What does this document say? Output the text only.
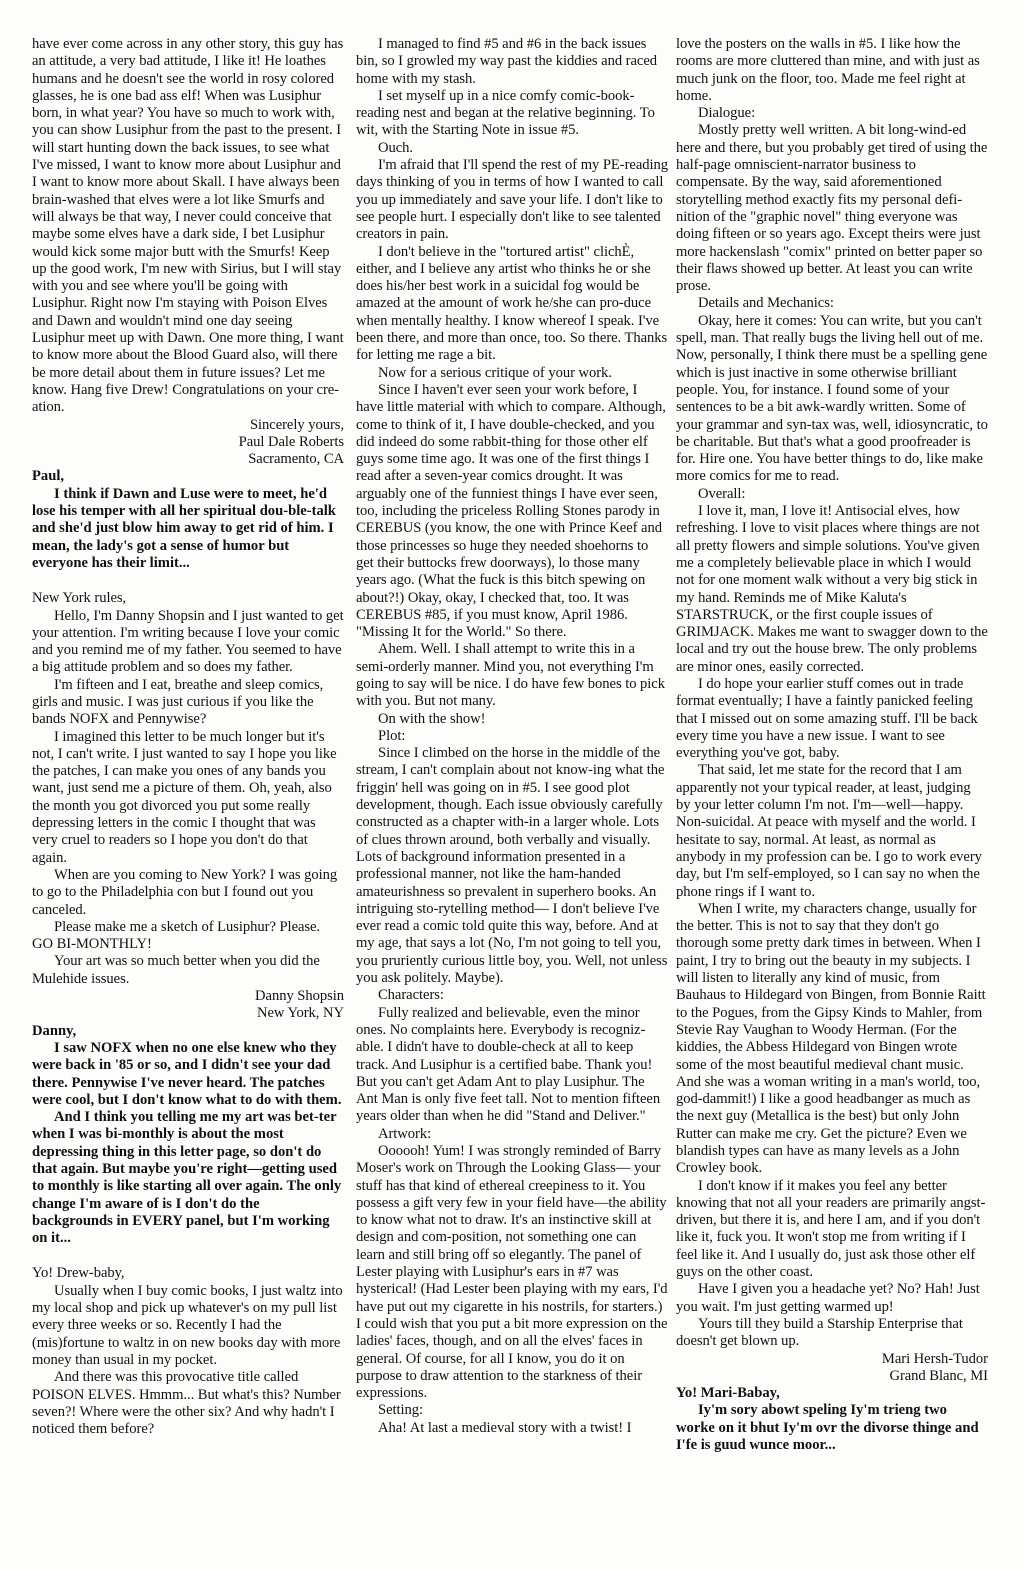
have ever come across in any other story, this guy has an attitude, a very bad attitude, I like it! He loathes humans and he doesn't see the world in rosy colored glasses, he is one bad ass elf! When was Lusiphur born, in what year? You have so much to work with, you can show Lusiphur from the past to the present. I will start hunting down the back issues, to see what I've missed, I want to know more about Lusiphur and I want to know more about Skall. I have always been brain-washed that elves were a lot like Smurfs and will always be that way, I never could conceive that maybe some elves have a dark side, I bet Lusiphur would kick some major butt with the Smurfs! Keep up the good work, I'm new with Sirius, but I will stay with you and see where you'll be going with Lusiphur. Right now I'm staying with Poison Elves and Dawn and wouldn't mind one day seeing Lusiphur meet up with Dawn. One more thing, I want to know more about the Blood Guard also, will there be more detail about them in future issues? Let me know. Hang five Drew! Congratulations on your cre-ation.

Sincerely yours,

Paul Dale Roberts

Sacramento, CA

Paul,

I think if Dawn and Luse were to meet, he'd lose his temper with all her spiritual dou-ble-talk and she'd just blow him away to get rid of him. I mean, the lady's got a sense of humor but everyone has their limit...

New York rules,

Hello, I'm Danny Shopsin and I just wanted to get your attention. I'm writing because I love your comic and you remind me of my father. You seemed to have a big attitude problem and so does my father.

I'm fifteen and I eat, breathe and sleep comics, girls and music. I was just curious if you like the bands NOFX and Pennywise?

I imagined this letter to be much longer but it's not, I can't write. I just wanted to say I hope you like the patches, I can make you ones of any bands you want, just send me a picture of them. Oh, yeah, also the month you got divorced you put some really depressing letters in the comic I thought that was very cruel to readers so I hope you don't do that again.

When are you coming to New York? I was going to go to the Philadelphia con but I found out you canceled.

Please make me a sketch of Lusiphur? Please. GO BI-MONTHLY!

Your art was so much better when you did the Mulehide issues.

Danny Shopsin

New York, NY

Danny,

I saw NOFX when no one else knew who they were back in '85 or so, and I didn't see your dad there. Pennywise I've never heard. The patches were cool, but I don't know what to do with them.

And I think you telling me my art was bet-ter when I was bi-monthly is about the most depressing thing in this letter page, so don't do that again. But maybe you're right—getting used to monthly is like starting all over again. The only change I'm aware of is I don't do the backgrounds in EVERY panel, but I'm working on it...

Yo! Drew-baby,

Usually when I buy comic books, I just waltz into my local shop and pick up whatever's on my pull list every three weeks or so. Recently I had the (mis)fortune to waltz in on new books day with more money than usual in my pocket.

And there was this provocative title called POISON ELVES. Hmmm... But what's this? Number seven?! Where were the other six? And why hadn't I noticed them before?

I managed to find #5 and #6 in the back issues bin, so I growled my way past the kiddies and raced home with my stash.

I set myself up in a nice comfy comic-book-reading nest and began at the relative beginning. To wit, with the Starting Note in issue #5.

Ouch.

I'm afraid that I'll spend the rest of my PE-reading days thinking of you in terms of how I wanted to call you up immediately and save your life. I don't like to see people hurt. I especially don't like to see talented creators in pain.

I don't believe in the "tortured artist" clichÈ, either, and I believe any artist who thinks he or she does his/her best work in a suicidal fog would be amazed at the amount of work he/she can pro-duce when mentally healthy. I know whereof I speak. I've been there, and more than once, too. So there. Thanks for letting me rage a bit.

Now for a serious critique of your work.

Since I haven't ever seen your work before, I have little material with which to compare. Although, come to think of it, I have double-checked, and you did indeed do some rabbit-thing for those other elf guys some time ago. It was one of the first things I read after a seven-year comics drought. It was arguably one of the funniest things I have ever seen, too, including the priceless Rolling Stones parody in CEREBUS (you know, the one with Prince Keef and those princesses so huge they needed shoehorns to get their buttocks frew doorways), lo those many years ago. (What the fuck is this bitch spewing on about?!) Okay, okay, I checked that, too. It was CEREBUS #85, if you must know, April 1986. "Missing It for the World." So there.

Ahem. Well. I shall attempt to write this in a semi-orderly manner. Mind you, not everything I'm going to say will be nice. I do have few bones to pick with you. But not many.

On with the show!

Plot:

Since I climbed on the horse in the middle of the stream, I can't complain about not know-ing what the friggin' hell was going on in #5. I see good plot development, though. Each issue obviously carefully constructed as a chapter with-in a larger whole. Lots of clues thrown around, both verbally and visually. Lots of background information presented in a professional manner, not like the ham-handed amateurishness so prevalent in superhero books. An intriguing sto-rytelling method— I don't believe I've ever read a comic told quite this way, before. And at my age, that says a lot (No, I'm not going to tell you, you pruriently curious little boy, you. Well, not unless you ask politely. Maybe).

Characters:

Fully realized and believable, even the minor ones. No complaints here. Everybody is recogniz-able. I didn't have to double-check at all to keep track. And Lusiphur is a certified babe. Thank you! But you can't get Adam Ant to play Lusiphur. The Ant Man is only five feet tall. Not to mention fifteen years older than when he did "Stand and Deliver."

Artwork:

Oooooh! Yum! I was strongly reminded of Barry Moser's work on Through the Looking Glass— your stuff has that kind of ethereal creepiness to it. You possess a gift very few in your field have—the ability to know what not to draw. It's an instinctive skill at design and com-position, not something one can learn and still bring off so elegantly. The panel of Lester playing with Lusiphur's ears in #7 was hysterical! (Had Lester been playing with my ears, I'd have put out my cigarette in his nostrils, for starters.) I could wish that you put a bit more expression on the ladies' faces, though, and on all the elves' faces in general. Of course, for all I know, you do it on purpose to draw attention to the starkness of their expressions.

Setting:

Aha! At last a medieval story with a twist! I

love the posters on the walls in #5. I like how the rooms are more cluttered than mine, and with just as much junk on the floor, too. Made me feel right at home.

Dialogue:

Mostly pretty well written. A bit long-wind-ed here and there, but you probably get tired of using the half-page omniscient-narrator business to compensate. By the way, said aforementioned storytelling method exactly fits my personal defi-nition of the "graphic novel" thing everyone was doing fifteen or so years ago. Except theirs were just more hackenslash "comix" printed on better paper so their flaws showed up better. At least you can write prose.

Details and Mechanics:

Okay, here it comes: You can write, but you can't spell, man. That really bugs the living hell out of me. Now, personally, I think there must be a spelling gene which is just inactive in some otherwise brilliant people. You, for instance. I found some of your sentences to be a bit awk-wardly written. Some of your grammar and syn-tax was, well, idiosyncratic, to be charitable. But that's what a good proofreader is for. Hire one. You have better things to do, like make more comics for me to read.

Overall:

I love it, man, I love it! Antisocial elves, how refreshing. I love to visit places where things are not all pretty flowers and simple solutions. You've given me a completely believable place in which I would not for one moment walk without a very big stick in my hand. Reminds me of Mike Kaluta's STARSTRUCK, or the first couple issues of GRIMJACK. Makes me want to swagger down to the local and try out the house brew. The only problems are minor ones, easily corrected.

I do hope your earlier stuff comes out in trade format eventually; I have a faintly panicked feeling that I missed out on some amazing stuff. I'll be back every time you have a new issue. I want to see everything you've got, baby.

That said, let me state for the record that I am apparently not your typical reader, at least, judging by your letter column I'm not. I'm—well—happy. Non-suicidal. At peace with myself and the world. I hesitate to say, normal. At least, as normal as anybody in my profession can be. I go to work every day, but I'm self-employed, so I can say no when the phone rings if I want to.

When I write, my characters change, usually for the better. This is not to say that they don't go thorough some pretty dark times in between. When I paint, I try to bring out the beauty in my subjects. I will listen to literally any kind of music, from Bauhaus to Hildegard von Bingen, from Bonnie Raitt to the Pogues, from the Gipsy Kinds to Mahler, from Stevie Ray Vaughan to Woody Herman. (For the kiddies, the Abbess Hildegard von Bingen wrote some of the most beautiful medieval chant music. And she was a woman writing in a man's world, too, god-dammit!) I like a good headbanger as much as the next guy (Metallica is the best) but only John Rutter can make me cry. Get the picture? Even we blandish types can have as many levels as a John Crowley book.

I don't know if it makes you feel any better knowing that not all your readers are primarily angst-driven, but there it is, and here I am, and if you don't like it, fuck you. It won't stop me from writing if I feel like it. And I usually do, just ask those other elf guys on the other coast.

Have I given you a headache yet? No? Hah! Just you wait. I'm just getting warmed up!

Yours till they build a Starship Enterprise that doesn't get blown up.

Mari Hersh-Tudor

Grand Blanc, MI

Yo! Mari-Babay,

Iy'm sory abowt speling Iy'm trieng two worke on it bhut Iy'm ovr the divorse thinge and I'fe is guud wunce moor...
